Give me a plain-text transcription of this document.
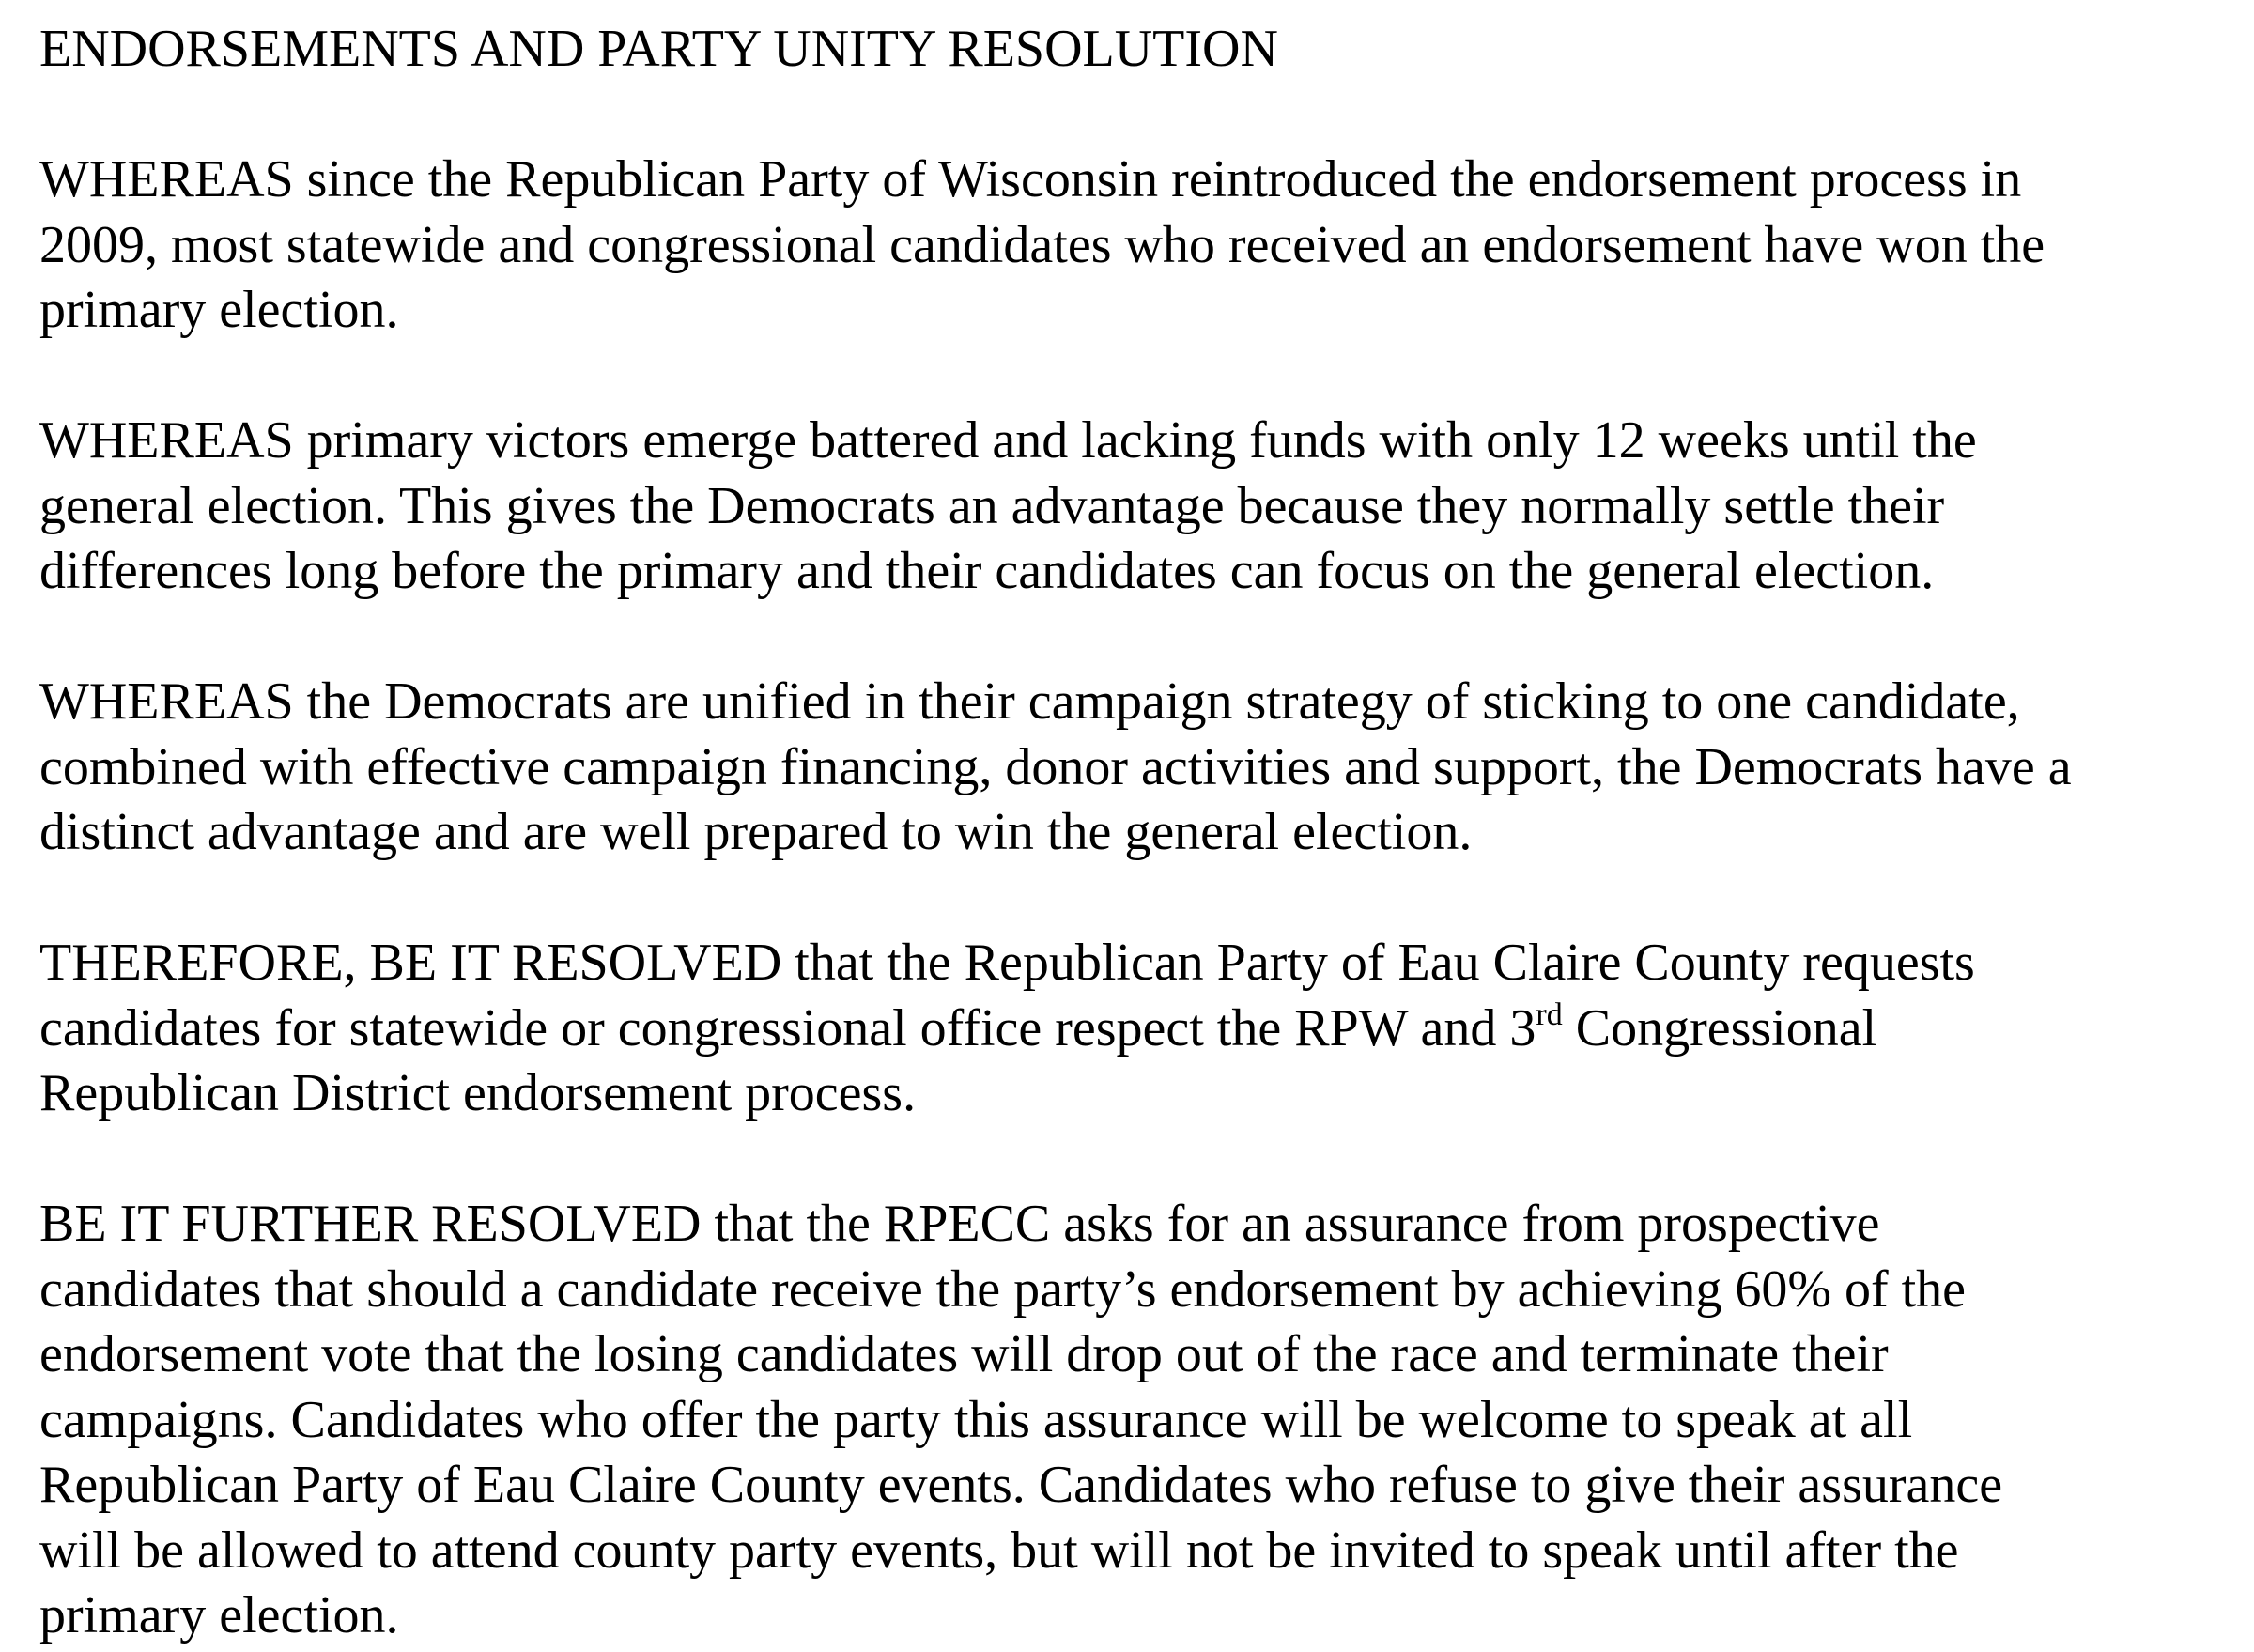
ENDORSEMENTS AND PARTY UNITY RESOLUTION

WHEREAS since the Republican Party of Wisconsin reintroduced the endorsement process in
2009, most statewide and congressional candidates who received an endorsement have won the
primary election.

WHEREAS primary victors emerge battered and lacking funds with only 12 weeks until the
general election. This gives the Democrats an advantage because they normally settle their
differences long before the primary and their candidates can focus on the general election.

WHEREAS the Democrats are unified in their campaign strategy of sticking to one candidate,
combined with effective campaign financing, donor activities and support, the Democrats have a
distinct advantage and are well prepared to win the general election.

THEREFORE, BE IT RESOLVED that the Republican Party of Eau Claire County requests
candidates for statewide or congressional office respect the RPW and 3rd Congressional
Republican District endorsement process.

BE IT FURTHER RESOLVED that the RPECC asks for an assurance from prospective
candidates that should a candidate receive the party’s endorsement by achieving 60% of the
endorsement vote that the losing candidates will drop out of the race and terminate their
campaigns. Candidates who offer the party this assurance will be welcome to speak at all
Republican Party of Eau Claire County events. Candidates who refuse to give their assurance
will be allowed to attend county party events, but will not be invited to speak until after the
primary election.
